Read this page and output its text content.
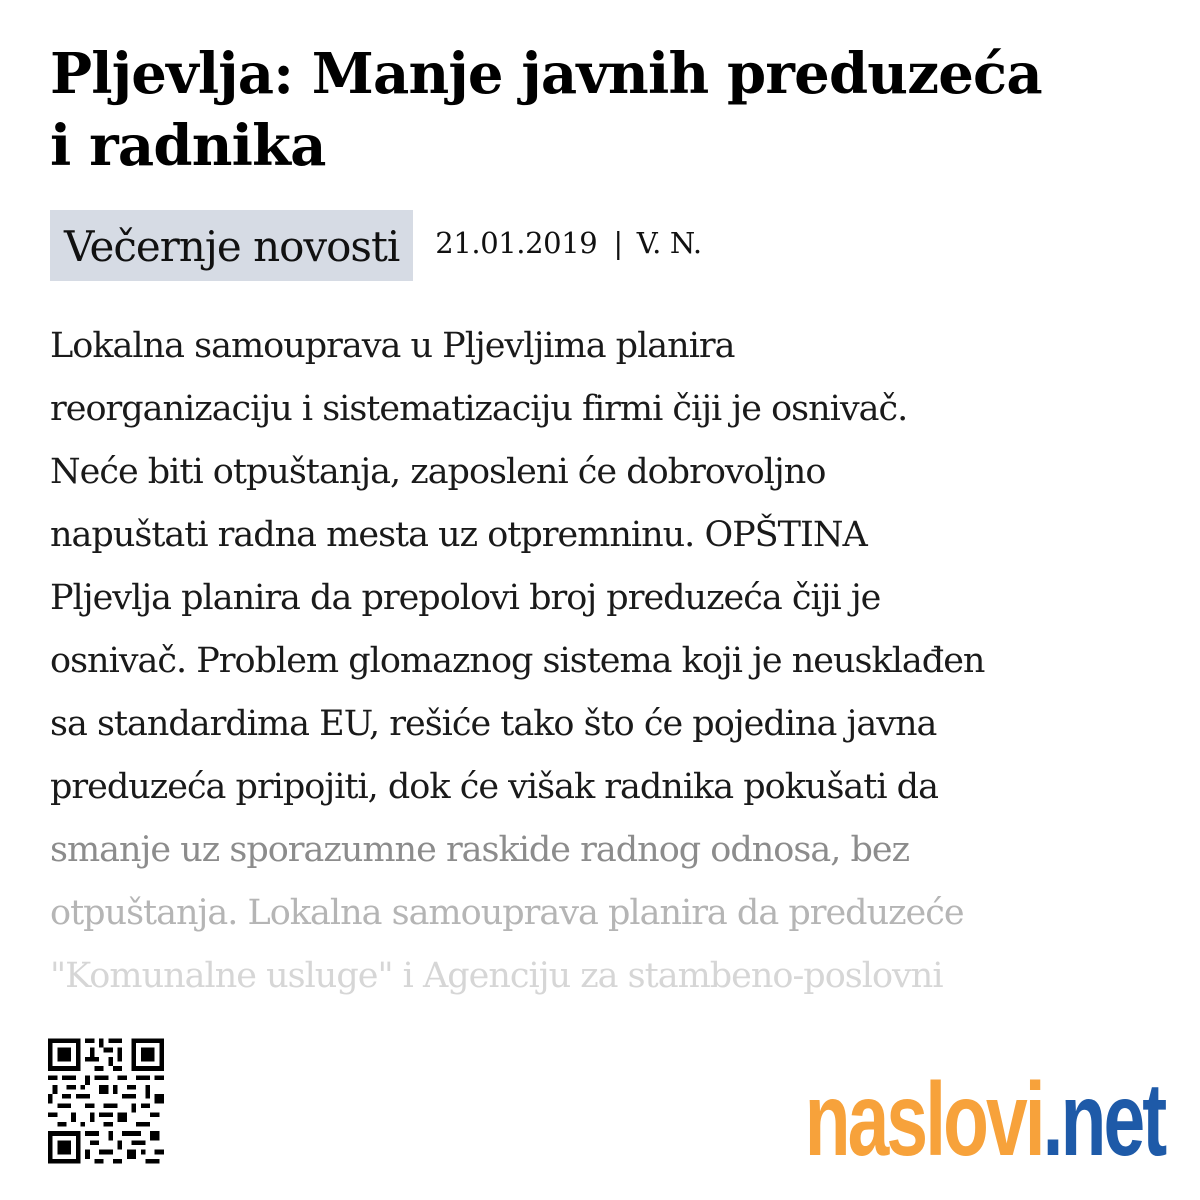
Pljevlja: Manje javnih preduzeća
i radnika
Večernje novosti	21.01.2019 | V. N.
Lokalna samouprava u Pljevljima planira
reorganizaciju i sistematizaciju firmi čiji je osnivač.
Neće biti otpuštanja, zaposleni će dobrovoljno
napuštati radna mesta uz otpremninu. OPŠTINA
Pljevlja planira da prepolovi broj preduzeća čiji je
osnivač. Problem glomaznog sistema koji je neusklađen
sa standardima EU, rešiće tako što će pojedina javna
preduzeća pripojiti, dok će višak radnika pokušati da
smanje uz sporazumne raskide radnog odnosa, bez
otpuštanja. Lokalna samouprava planira da preduzeće
"Komunalne usluge" i Agenciju za stambeno-poslovni
naslovi . net
